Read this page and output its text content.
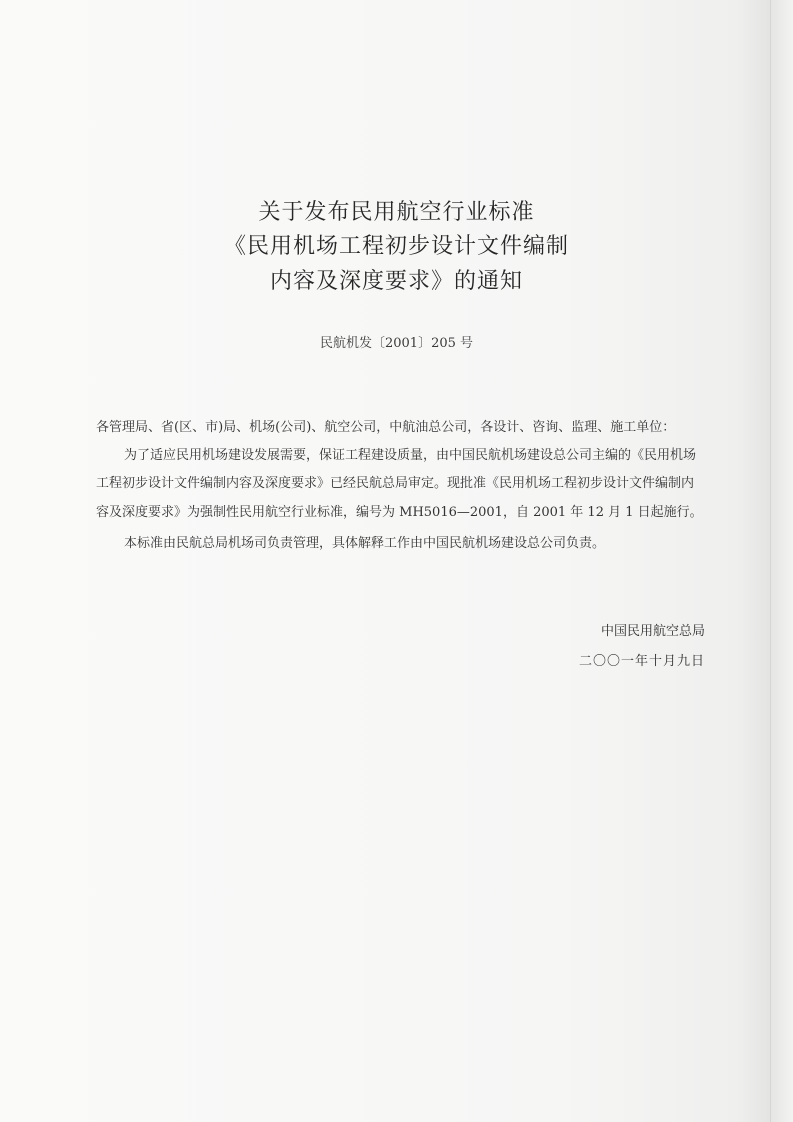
关于发布民用航空行业标准
《民用机场工程初步设计文件编制
内容及深度要求》的通知
民航机发〔2001〕205 号
各管理局、省(区、市)局、机场(公司)、航空公司，中航油总公司，各设计、咨询、监理、施工单位：
为了适应民用机场建设发展需要，保证工程建设质量，由中国民航机场建设总公司主编的《民用机场
工程初步设计文件编制内容及深度要求》已经民航总局审定。现批准《民用机场工程初步设计文件编制内
容及深度要求》为强制性民用航空行业标准，编号为 MH5016—2001，自 2001 年 12 月 1 日起施行。
本标准由民航总局机场司负责管理，具体解释工作由中国民航机场建设总公司负责。
中国民用航空总局
二〇〇一年十月九日
